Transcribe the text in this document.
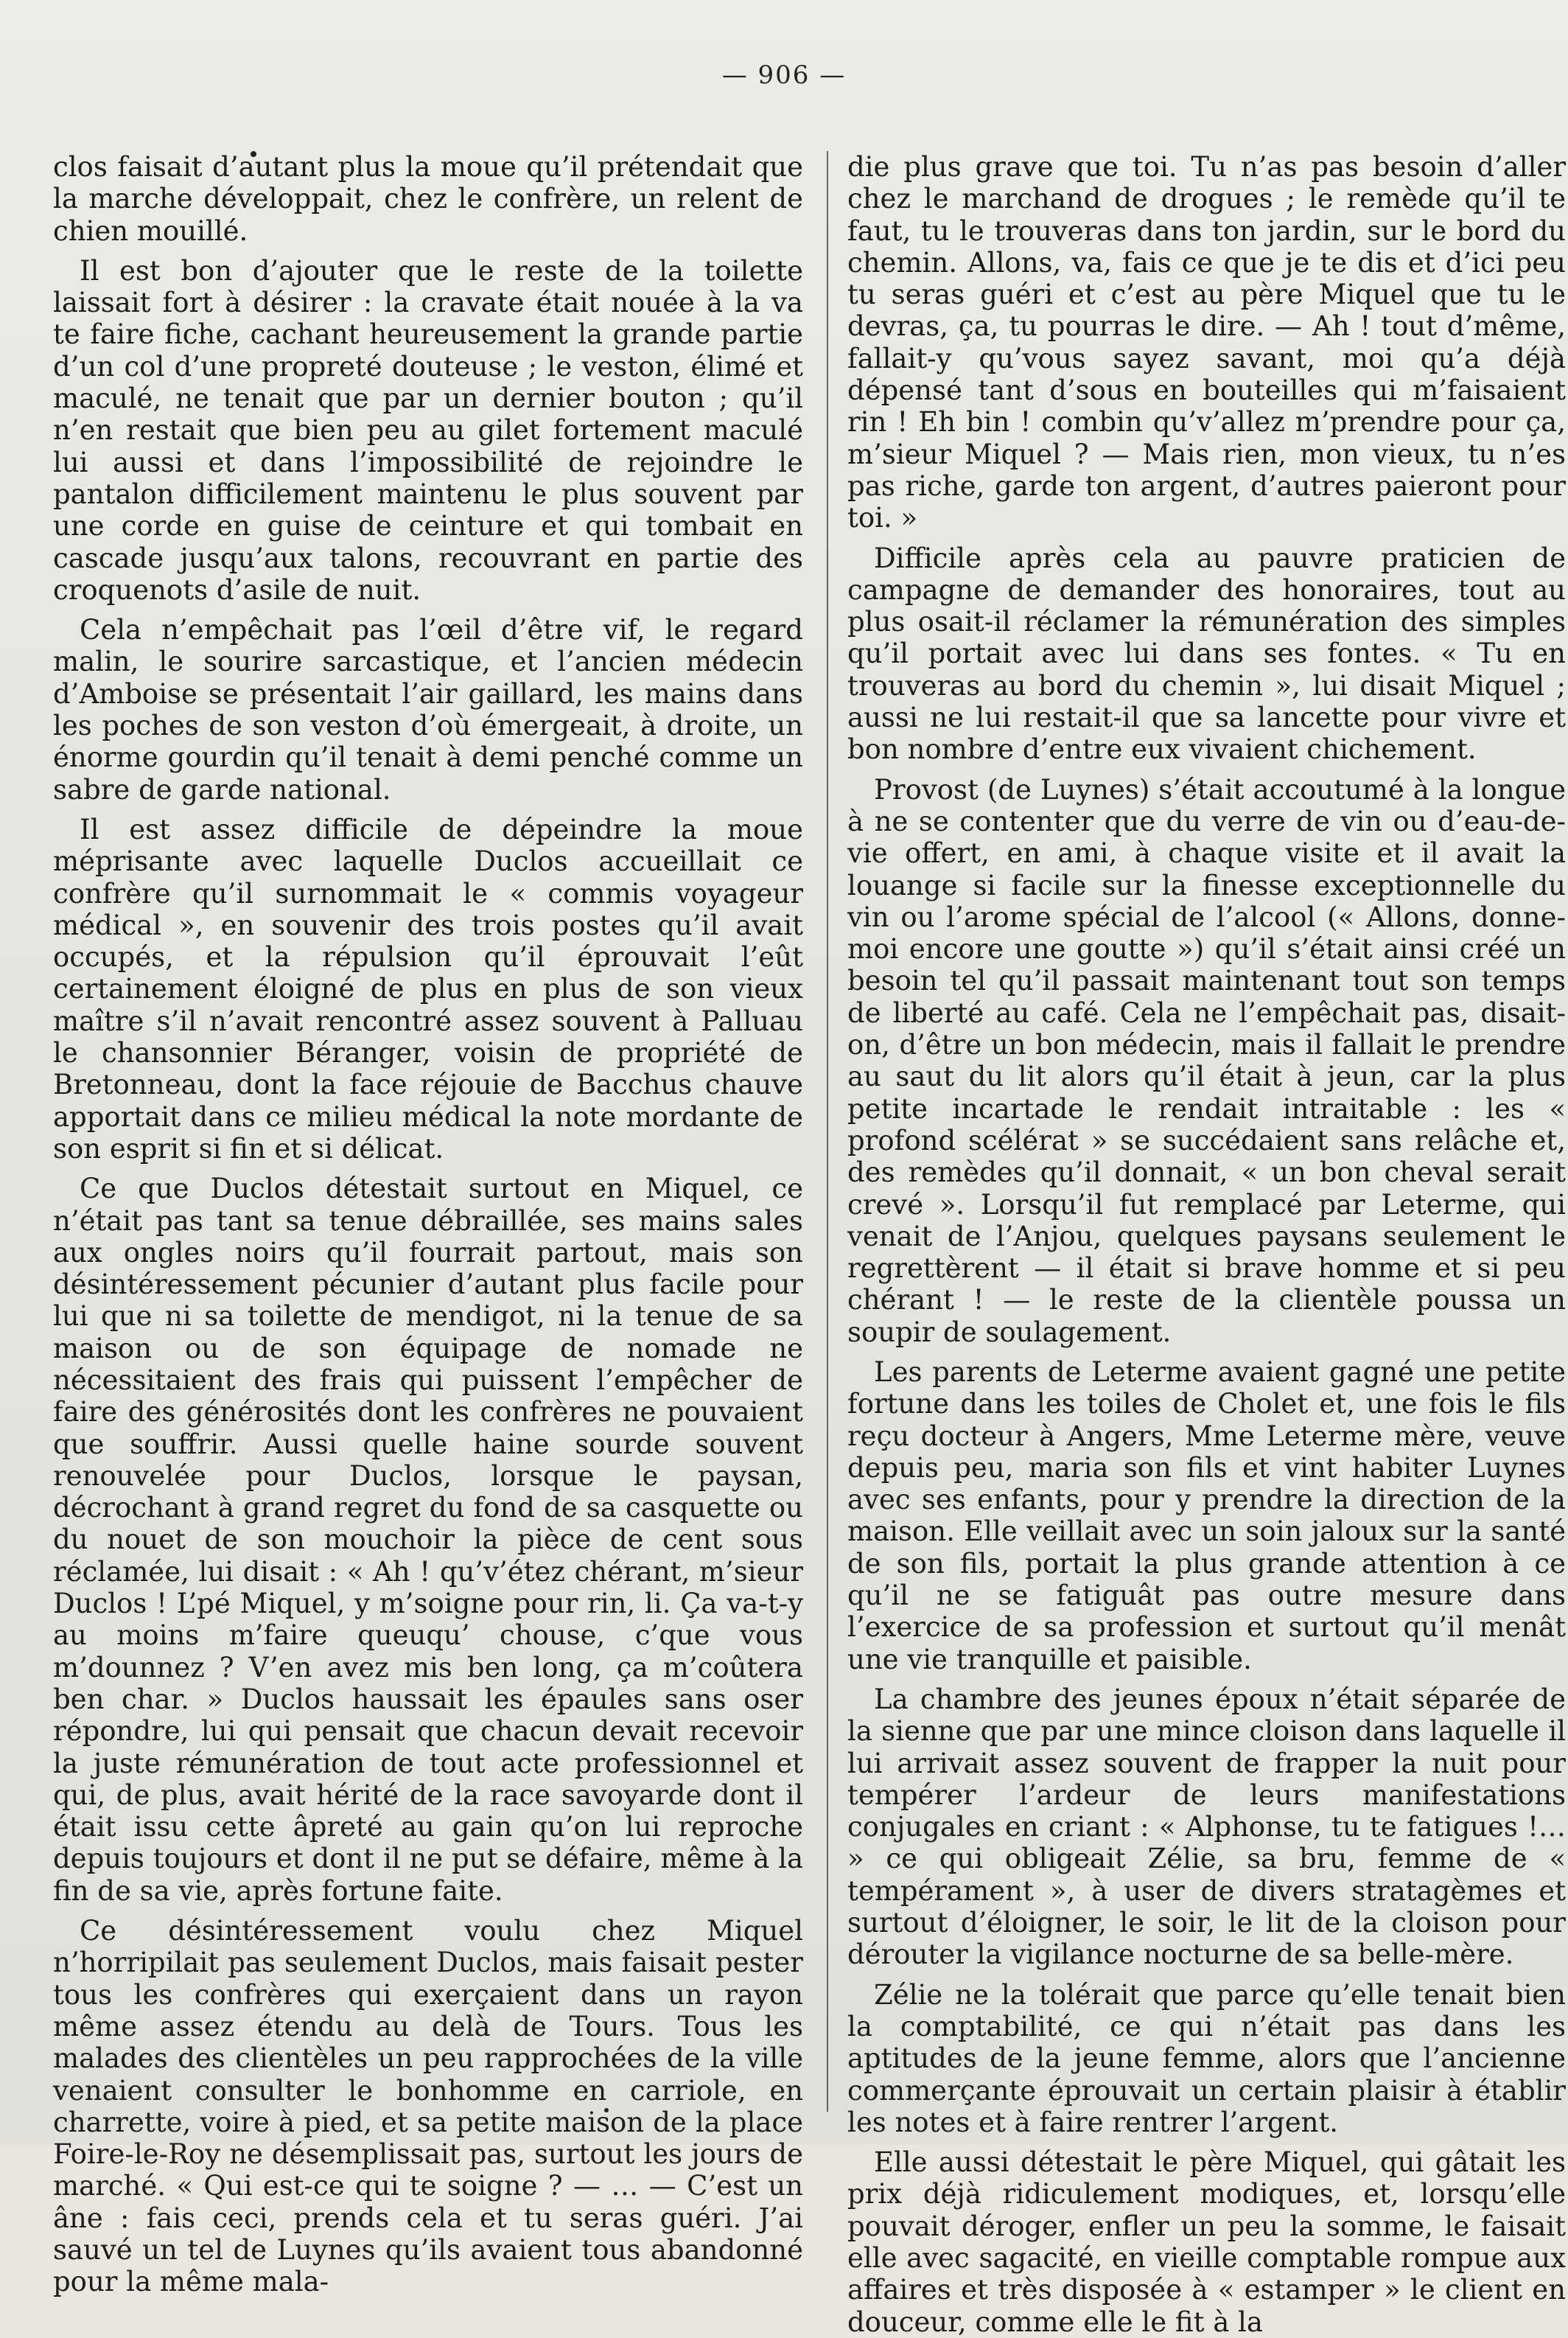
— 906 —

clos faisait d’autant plus la moue qu’il prétendait que la marche développait, chez le confrère, un relent de chien mouillé.

Il est bon d’ajouter que le reste de la toilette laissait fort à désirer : la cravate était nouée à la va te faire fiche, cachant heureusement la grande partie d’un col d’une propreté douteuse ; le veston, élimé et maculé, ne tenait que par un dernier bouton ; qu’il n’en restait que bien peu au gilet fortement maculé lui aussi et dans l’impossibilité de rejoindre le pantalon difficilement maintenu le plus souvent par une corde en guise de ceinture et qui tombait en cascade jusqu’aux talons, recouvrant en partie des croquenots d’asile de nuit.

Cela n’empêchait pas l’œil d’être vif, le regard malin, le sourire sarcastique, et l’ancien médecin d’Amboise se présentait l’air gaillard, les mains dans les poches de son veston d’où émergeait, à droite, un énorme gourdin qu’il tenait à demi penché comme un sabre de garde national.

Il est assez difficile de dépeindre la moue méprisante avec laquelle Duclos accueillait ce confrère qu’il surnommait le « commis voyageur médical », en souvenir des trois postes qu’il avait occupés, et la répulsion qu’il éprouvait l’eût certainement éloigné de plus en plus de son vieux maître s’il n’avait rencontré assez souvent à Palluau le chansonnier Béranger, voisin de propriété de Bretonneau, dont la face réjouie de Bacchus chauve apportait dans ce milieu médical la note mordante de son esprit si fin et si délicat.

Ce que Duclos détestait surtout en Miquel, ce n’était pas tant sa tenue débraillée, ses mains sales aux ongles noirs qu’il fourrait partout, mais son désintéressement pécunier d’autant plus facile pour lui que ni sa toilette de mendigot, ni la tenue de sa maison ou de son équipage de nomade ne nécessitaient des frais qui puissent l’empêcher de faire des générosités dont les confrères ne pouvaient que souffrir. Aussi quelle haine sourde souvent renouvelée pour Duclos, lorsque le paysan, décrochant à grand regret du fond de sa casquette ou du nouet de son mouchoir la pièce de cent sous réclamée, lui disait : « Ah ! qu’v’étez chérant, m’sieur Duclos ! L’pé Miquel, y m’soigne pour rin, li. Ça va-t-y au moins m’faire queuqu’ chouse, c’que vous m’dounnez ? V’en avez mis ben long, ça m’coûtera ben char. » Duclos haussait les épaules sans oser répondre, lui qui pensait que chacun devait recevoir la juste rémunération de tout acte professionnel et qui, de plus, avait hérité de la race savoyarde dont il était issu cette âpreté au gain qu’on lui reproche depuis toujours et dont il ne put se défaire, même à la fin de sa vie, après fortune faite.

Ce désintéressement voulu chez Miquel n’horripilait pas seulement Duclos, mais faisait pester tous les confrères qui exerçaient dans un rayon même assez étendu au delà de Tours. Tous les malades des clientèles un peu rapprochées de la ville venaient consulter le bonhomme en carriole, en charrette, voire à pied, et sa petite maison de la place Foire-le-Roy ne désemplissait pas, surtout les jours de marché. « Qui est-ce qui te soigne ? — … — C’est un âne : fais ceci, prends cela et tu seras guéri. J’ai sauvé un tel de Luynes qu’ils avaient tous abandonné pour la même mala-

die plus grave que toi. Tu n’as pas besoin d’aller chez le marchand de drogues ; le remède qu’il te faut, tu le trouveras dans ton jardin, sur le bord du chemin. Allons, va, fais ce que je te dis et d’ici peu tu seras guéri et c’est au père Miquel que tu le devras, ça, tu pourras le dire. — Ah ! tout d’même, fallait-y qu’vous sayez savant, moi qu’a déjà dépensé tant d’sous en bouteilles qui m’faisaient rin ! Eh bin ! combin qu’v’allez m’prendre pour ça, m’sieur Miquel ? — Mais rien, mon vieux, tu n’es pas riche, garde ton argent, d’autres paieront pour toi. »

Difficile après cela au pauvre praticien de campagne de demander des honoraires, tout au plus osait-il réclamer la rémunération des simples qu’il portait avec lui dans ses fontes. « Tu en trouveras au bord du chemin », lui disait Miquel ; aussi ne lui restait-il que sa lancette pour vivre et bon nombre d’entre eux vivaient chichement.

Provost (de Luynes) s’était accoutumé à la longue à ne se contenter que du verre de vin ou d’eau-de-vie offert, en ami, à chaque visite et il avait la louange si facile sur la finesse exceptionnelle du vin ou l’arome spécial de l’alcool (« Allons, donne-moi encore une goutte ») qu’il s’était ainsi créé un besoin tel qu’il passait maintenant tout son temps de liberté au café. Cela ne l’empêchait pas, disait-on, d’être un bon médecin, mais il fallait le prendre au saut du lit alors qu’il était à jeun, car la plus petite incartade le rendait intraitable : les « profond scélérat » se succédaient sans relâche et, des remèdes qu’il donnait, « un bon cheval serait crevé ». Lorsqu’il fut remplacé par Leterme, qui venait de l’Anjou, quelques paysans seulement le regrettèrent — il était si brave homme et si peu chérant ! — le reste de la clientèle poussa un soupir de soulagement.

Les parents de Leterme avaient gagné une petite fortune dans les toiles de Cholet et, une fois le fils reçu docteur à Angers, Mme Leterme mère, veuve depuis peu, maria son fils et vint habiter Luynes avec ses enfants, pour y prendre la direction de la maison. Elle veillait avec un soin jaloux sur la santé de son fils, portait la plus grande attention à ce qu’il ne se fatiguât pas outre mesure dans l’exercice de sa profession et surtout qu’il menât une vie tranquille et paisible.

La chambre des jeunes époux n’était séparée de la sienne que par une mince cloison dans laquelle il lui arrivait assez souvent de frapper la nuit pour tempérer l’ardeur de leurs manifestations conjugales en criant : « Alphonse, tu te fatigues !… » ce qui obligeait Zélie, sa bru, femme de « tempérament », à user de divers stratagèmes et surtout d’éloigner, le soir, le lit de la cloison pour dérouter la vigilance nocturne de sa belle-mère.

Zélie ne la tolérait que parce qu’elle tenait bien la comptabilité, ce qui n’était pas dans les aptitudes de la jeune femme, alors que l’ancienne commerçante éprouvait un certain plaisir à établir les notes et à faire rentrer l’argent.

Elle aussi détestait le père Miquel, qui gâtait les prix déjà ridiculement modiques, et, lorsqu’elle pouvait déroger, enfler un peu la somme, le faisait elle avec sagacité, en vieille comptable rompue aux affaires et très disposée à « estamper » le client en douceur, comme elle le fit à la
